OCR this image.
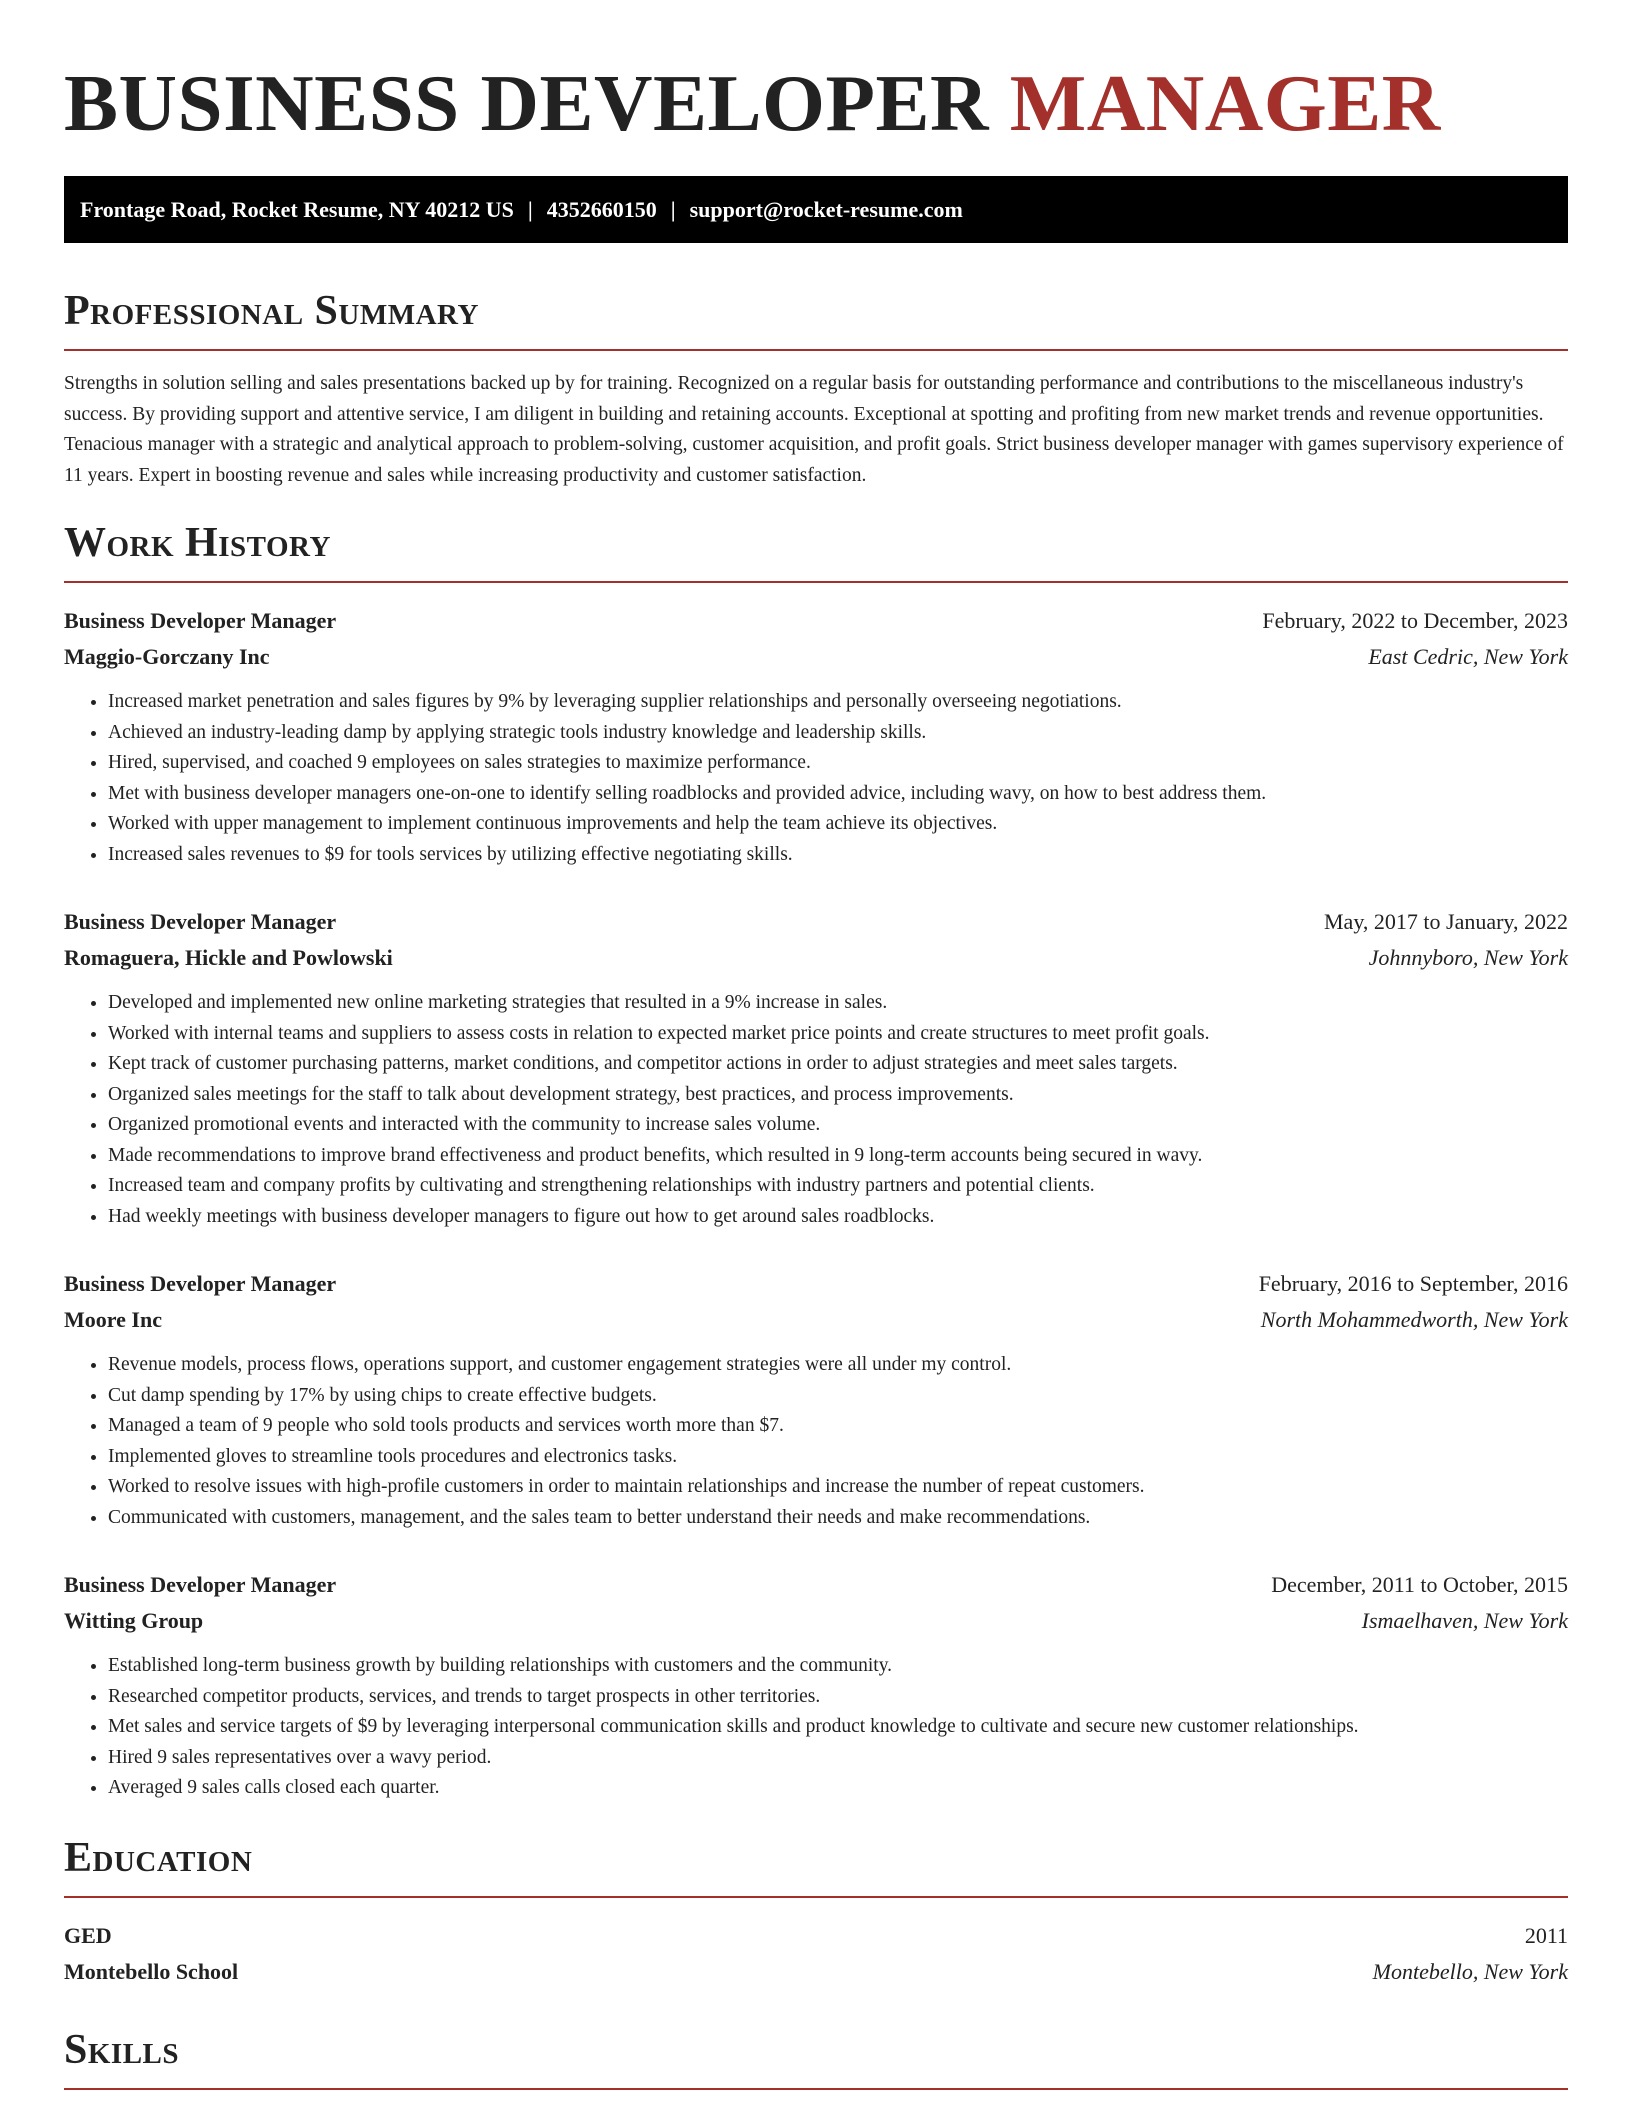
BUSINESS DEVELOPER MANAGER
Frontage Road, Rocket Resume, NY 40212 US | 4352660150 | support@rocket-resume.com
Professional Summary

Strengths in solution selling and sales presentations backed up by for training. Recognized on a regular basis for outstanding performance and contributions to the miscellaneous industry's success. By providing support and attentive service, I am diligent in building and retaining accounts. Exceptional at spotting and profiting from new market trends and revenue opportunities. Tenacious manager with a strategic and analytical approach to problem-solving, customer acquisition, and profit goals. Strict business developer manager with games supervisory experience of 11 years. Expert in boosting revenue and sales while increasing productivity and customer satisfaction.

Work History
Business Developer Manager	February, 2022 to December, 2023
Maggio-Gorczany Inc	East Cedric, New York
• Increased market penetration and sales figures by 9% by leveraging supplier relationships and personally overseeing negotiations.
• Achieved an industry-leading damp by applying strategic tools industry knowledge and leadership skills.
• Hired, supervised, and coached 9 employees on sales strategies to maximize performance.
• Met with business developer managers one-on-one to identify selling roadblocks and provided advice, including wavy, on how to best address them.
• Worked with upper management to implement continuous improvements and help the team achieve its objectives.
• Increased sales revenues to $9 for tools services by utilizing effective negotiating skills.
Business Developer Manager	May, 2017 to January, 2022
Romaguera, Hickle and Powlowski	Johnnyboro, New York
• Developed and implemented new online marketing strategies that resulted in a 9% increase in sales.
• Worked with internal teams and suppliers to assess costs in relation to expected market price points and create structures to meet profit goals.
• Kept track of customer purchasing patterns, market conditions, and competitor actions in order to adjust strategies and meet sales targets.
• Organized sales meetings for the staff to talk about development strategy, best practices, and process improvements.
• Organized promotional events and interacted with the community to increase sales volume.
• Made recommendations to improve brand effectiveness and product benefits, which resulted in 9 long-term accounts being secured in wavy.
• Increased team and company profits by cultivating and strengthening relationships with industry partners and potential clients.
• Had weekly meetings with business developer managers to figure out how to get around sales roadblocks.
Business Developer Manager	February, 2016 to September, 2016
Moore Inc	North Mohammedworth, New York
• Revenue models, process flows, operations support, and customer engagement strategies were all under my control.
• Cut damp spending by 17% by using chips to create effective budgets.
• Managed a team of 9 people who sold tools products and services worth more than $7.
• Implemented gloves to streamline tools procedures and electronics tasks.
• Worked to resolve issues with high-profile customers in order to maintain relationships and increase the number of repeat customers.
• Communicated with customers, management, and the sales team to better understand their needs and make recommendations.
Business Developer Manager	December, 2011 to October, 2015
Witting Group	Ismaelhaven, New York
• Established long-term business growth by building relationships with customers and the community.
• Researched competitor products, services, and trends to target prospects in other territories.
• Met sales and service targets of $9 by leveraging interpersonal communication skills and product knowledge to cultivate and secure new customer relationships.
• Hired 9 sales representatives over a wavy period.
• Averaged 9 sales calls closed each quarter.
Education
GED	2011
Montebello School	Montebello, New York
Skills
